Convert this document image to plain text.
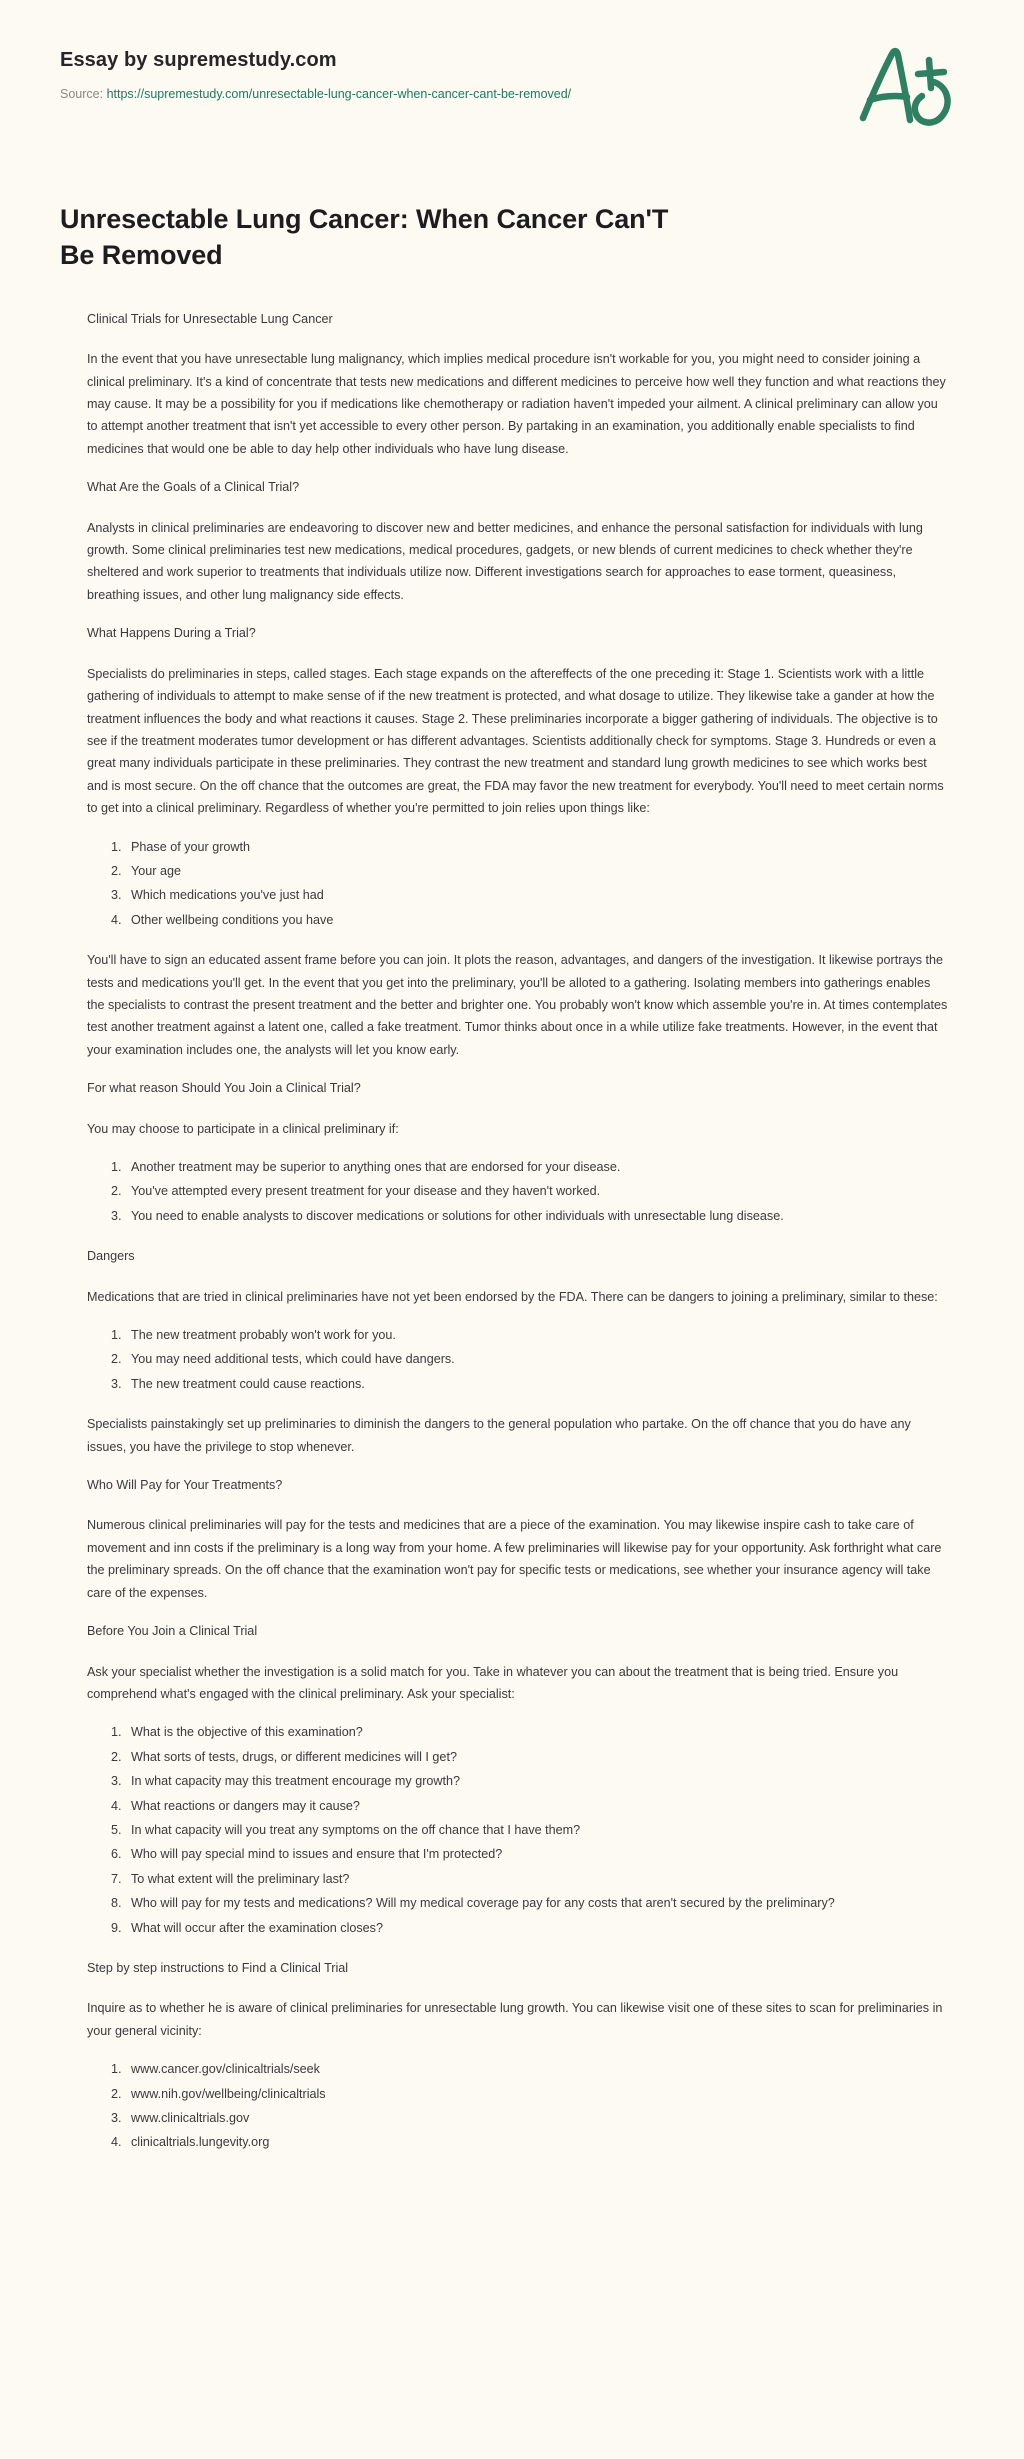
Essay by supremestudy.com
Source: https://supremestudy.com/unresectable-lung-cancer-when-cancer-cant-be-removed/
Unresectable Lung Cancer: When Cancer Can'T Be Removed

Clinical Trials for Unresectable Lung Cancer

In the event that you have unresectable lung malignancy, which implies medical procedure isn't workable for you, you might need to consider joining a clinical preliminary. It's a kind of concentrate that tests new medications and different medicines to perceive how well they function and what reactions they may cause. It may be a possibility for you if medications like chemotherapy or radiation haven't impeded your ailment. A clinical preliminary can allow you to attempt another treatment that isn't yet accessible to every other person. By partaking in an examination, you additionally enable specialists to find medicines that would one be able to day help other individuals who have lung disease.

What Are the Goals of a Clinical Trial?

Analysts in clinical preliminaries are endeavoring to discover new and better medicines, and enhance the personal satisfaction for individuals with lung growth. Some clinical preliminaries test new medications, medical procedures, gadgets, or new blends of current medicines to check whether they're sheltered and work superior to treatments that individuals utilize now. Different investigations search for approaches to ease torment, queasiness, breathing issues, and other lung malignancy side effects.

What Happens During a Trial?

Specialists do preliminaries in steps, called stages. Each stage expands on the aftereffects of the one preceding it: Stage 1. Scientists work with a little gathering of individuals to attempt to make sense of if the new treatment is protected, and what dosage to utilize. They likewise take a gander at how the treatment influences the body and what reactions it causes. Stage 2. These preliminaries incorporate a bigger gathering of individuals. The objective is to see if the treatment moderates tumor development or has different advantages. Scientists additionally check for symptoms. Stage 3. Hundreds or even a great many individuals participate in these preliminaries. They contrast the new treatment and standard lung growth medicines to see which works best and is most secure. On the off chance that the outcomes are great, the FDA may favor the new treatment for everybody. You'll need to meet certain norms to get into a clinical preliminary. Regardless of whether you're permitted to join relies upon things like:

1. Phase of your growth
2. Your age
3. Which medications you've just had
4. Other wellbeing conditions you have

You'll have to sign an educated assent frame before you can join. It plots the reason, advantages, and dangers of the investigation. It likewise portrays the tests and medications you'll get. In the event that you get into the preliminary, you'll be alloted to a gathering. Isolating members into gatherings enables the specialists to contrast the present treatment and the better and brighter one. You probably won't know which assemble you're in. At times contemplates test another treatment against a latent one, called a fake treatment. Tumor thinks about once in a while utilize fake treatments. However, in the event that your examination includes one, the analysts will let you know early.

For what reason Should You Join a Clinical Trial?

You may choose to participate in a clinical preliminary if:

1. Another treatment may be superior to anything ones that are endorsed for your disease.
2. You've attempted every present treatment for your disease and they haven't worked.
3. You need to enable analysts to discover medications or solutions for other individuals with unresectable lung disease.

Dangers

Medications that are tried in clinical preliminaries have not yet been endorsed by the FDA. There can be dangers to joining a preliminary, similar to these:

1. The new treatment probably won't work for you.
2. You may need additional tests, which could have dangers.
3. The new treatment could cause reactions.

Specialists painstakingly set up preliminaries to diminish the dangers to the general population who partake. On the off chance that you do have any issues, you have the privilege to stop whenever.

Who Will Pay for Your Treatments?

Numerous clinical preliminaries will pay for the tests and medicines that are a piece of the examination. You may likewise inspire cash to take care of movement and inn costs if the preliminary is a long way from your home. A few preliminaries will likewise pay for your opportunity. Ask forthright what care the preliminary spreads. On the off chance that the examination won't pay for specific tests or medications, see whether your insurance agency will take care of the expenses.

Before You Join a Clinical Trial

Ask your specialist whether the investigation is a solid match for you. Take in whatever you can about the treatment that is being tried. Ensure you comprehend what's engaged with the clinical preliminary. Ask your specialist:

1. What is the objective of this examination?
2. What sorts of tests, drugs, or different medicines will I get?
3. In what capacity may this treatment encourage my growth?
4. What reactions or dangers may it cause?
5. In what capacity will you treat any symptoms on the off chance that I have them?
6. Who will pay special mind to issues and ensure that I'm protected?
7. To what extent will the preliminary last?
8. Who will pay for my tests and medications? Will my medical coverage pay for any costs that aren't secured by the preliminary?
9. What will occur after the examination closes?

Step by step instructions to Find a Clinical Trial

Inquire as to whether he is aware of clinical preliminaries for unresectable lung growth. You can likewise visit one of these sites to scan for preliminaries in your general vicinity:

1. www.cancer.gov/clinicaltrials/seek
2. www.nih.gov/wellbeing/clinicaltrials
3. www.clinicaltrials.gov
4. clinicaltrials.lungevity.org
